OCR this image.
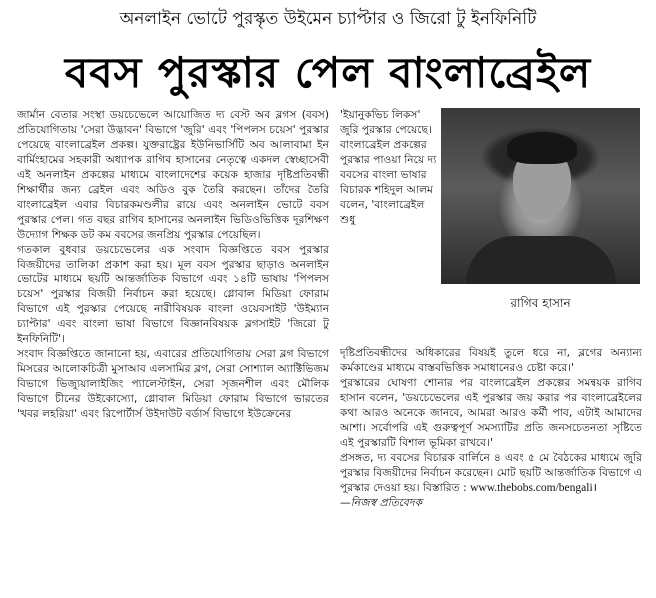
অনলাইন ভোটে পুরস্কৃত উইমেন চ্যাপ্টার ও জিরো টু ইনফিনিটি
ববস পুরস্কার পেল বাংলাব্রেইল

জার্মান বেতার সংস্থা ডয়চেভেলে আয়োজিত দ্য বেস্ট অব ব্লগস (ববস) প্রতিযোগিতায় 'সেরা উদ্ভাবন' বিভাগে 'জুরি' এবং 'পিপলস চয়েস' পুরস্কার পেয়েছে বাংলাব্রেইল প্রকল্প। যুক্তরাষ্ট্রের ইউনিভার্সিটি অব আলাবামা ইন বার্মিংহামের সহকারী অধ্যাপক রাগিব হাসানের নেতৃত্বে একদল স্বেচ্ছাসেবী এই অনলাইন প্রকল্পের মাধ্যমে বাংলাদেশের কয়েক হাজার দৃষ্টিপ্রতিবন্ধী শিক্ষার্থীর জন্য ব্রেইল এবং অডিও বুক তৈরি করছেন। তাঁদের তৈরি বাংলাব্রেইল এবার বিচারকমণ্ডলীর রায়ে এবং অনলাইন ভোটে ববস পুরস্কার পেল। গত বছর রাগিব হাসানের অনলাইন ভিডিওভিত্তিক দূরশিক্ষণ উদ্যোগ শিক্ষক ডট কম ববসের জনপ্রিয় পুরস্কার পেয়েছিল।

গতকাল বুধবার ডয়চেভেলের এক সংবাদ বিজ্ঞপ্তিতে ববস পুরস্কার বিজয়ীদের তালিকা প্রকাশ করা হয়। মূল ববস পুরস্কার ছাড়াও অনলাইন ভোটের মাধ্যমে ছয়টি আন্তর্জাতিক বিভাগে এবং ১৪টি ভাষায় 'পিপলস চয়েস' পুরস্কার বিজয়ী নির্বাচন করা হয়েছে। গ্লোবাল মিডিয়া ফোরাম বিভাগে এই পুরস্কার পেয়েছে নারীবিষয়ক বাংলা ওয়েবসাইট 'উইম্যান চ্যাপ্টার' এবং বাংলা ভাষা বিভাগে বিজ্ঞানবিষয়ক ব্লগসাইট 'জিরো টু ইনফিনিটি'।

সংবাদ বিজ্ঞপ্তিতে জানানো হয়, এবারের প্রতিযোগিতায় সেরা ব্লগ বিভাগে মিসরের আলোকচিত্রী মুসাআব এলসামির ব্লগ, সেরা সোশ্যাল অ্যাক্টিভিজম বিভাগে ভিজ্যুয়ালাইজিং প্যালেস্টাইন, সেরা সৃজনশীল এবং মৌলিক বিভাগে চীনের উইকোস্যো, গ্লোবাল মিডিয়া ফোরাম বিভাগে ভারতের 'খবর লহরিয়া' এবং রিপোর্টার্স উইদাউট বর্ডার্স বিভাগে ইউক্রেনের

'ইয়ানুকভিচ লিকস' জুরি পুরস্কার পেয়েছে। বাংলাব্রেইল প্রকল্পের পুরস্কার পাওয়া নিয়ে দ্য ববসের বাংলা ভাষার বিচারক শহিদুল আলম বলেন, 'বাংলাব্রেইল শুধু

রাগিব হাসান

দৃষ্টিপ্রতিবন্ধীদের অধিকারের বিষয়ই তুলে ধরে না, ব্লগের অন্যান্য কর্মকাণ্ডের মাধ্যমে বাস্তবভিত্তিক সমাধানেরও চেষ্টা করে।'

পুরস্কারের ঘোষণা শোনার পর বাংলাব্রেইল প্রকল্পের সমন্বয়ক রাগিব হাসান বলেন, 'ডয়চেভেলের এই পুরস্কার জয় করার পর বাংলাব্রেইলের কথা আরও অনেকে জানবে, আমরা আরও কর্মী পাব, এটাই আমাদের আশা। সর্বোপরি এই গুরুত্বপূর্ণ সমস্যাটির প্রতি জনসচেতনতা সৃষ্টিতে এই পুরস্কারটি বিশাল ভূমিকা রাখবে।'

প্রসঙ্গত, দ্য ববসের বিচারক বার্লিনে ৪ এবং ৫ মে বৈঠকের মাধ্যমে জুরি পুরস্কার বিজয়ীদের নির্বাচন করেছেন। মোট ছয়টি আন্তর্জাতিক বিভাগে এ পুরস্কার দেওয়া হয়। বিস্তারিত : www.thebobs.com/bengali।

—নিজস্ব প্রতিবেদক
